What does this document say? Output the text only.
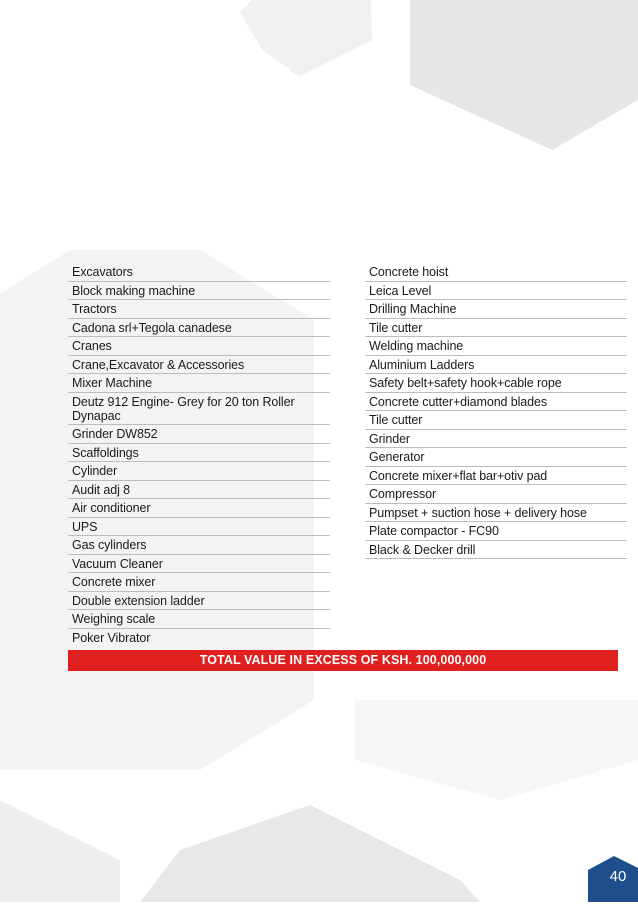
Excavators
Block making machine
Tractors
Cadona srl+Tegola canadese
Cranes
Crane,Excavator & Accessories
Mixer Machine
Deutz 912 Engine- Grey for 20 ton Roller Dynapac
Grinder DW852
Scaffoldings
Cylinder
Audit adj 8
Air conditioner
UPS
Gas cylinders
Vacuum Cleaner
Concrete mixer
Double extension ladder
Weighing scale
Poker Vibrator
Concrete hoist
Leica Level
Drilling Machine
Tile cutter
Welding machine
Aluminium Ladders
Safety belt+safety hook+cable rope
Concrete cutter+diamond blades
Tile cutter
Grinder
Generator
Concrete mixer+flat bar+otiv pad
Compressor
Pumpset + suction hose + delivery hose
Plate compactor - FC90
Black & Decker drill
TOTAL VALUE IN EXCESS OF KSH. 100,000,000
40
